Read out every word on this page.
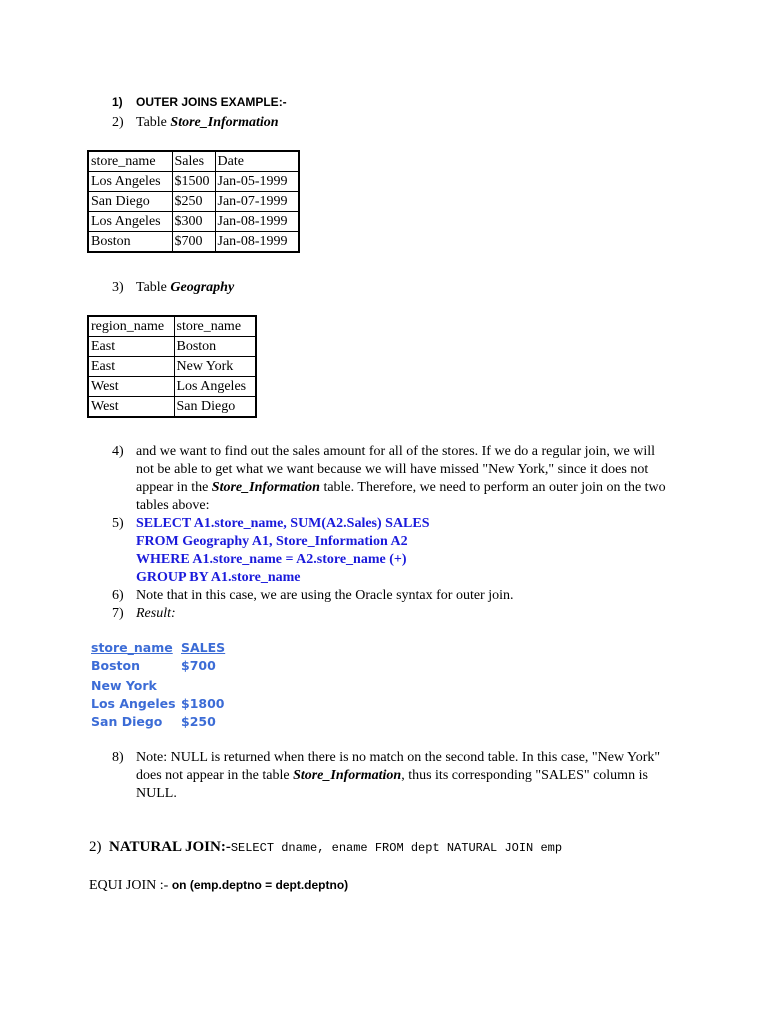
1) OUTER JOINS EXAMPLE:-
2) Table Store_Information
store_name	Sales	Date
Los Angeles	$1500	Jan-05-1999
San Diego	$250	Jan-07-1999
Los Angeles	$300	Jan-08-1999
Boston	$700	Jan-08-1999
3) Table Geography
region_name	store_name
East	Boston
East	New York
West	Los Angeles
West	San Diego
4) and we want to find out the sales amount for all of the stores. If we do a regular join, we will not be able to get what we want because we will have missed "New York," since it does not appear in the Store_Information table. Therefore, we need to perform an outer join on the two tables above:
5) SELECT A1.store_name, SUM(A2.Sales) SALES
FROM Geography A1, Store_Information A2
WHERE A1.store_name = A2.store_name (+)
GROUP BY A1.store_name
6) Note that in this case, we are using the Oracle syntax for outer join.
7) Result:
store_name SALES
Boston	$700
New York
Los Angeles $1800
San Diego $250
8) Note: NULL is returned when there is no match on the second table. In this case, "New York" does not appear in the table Store_Information, thus its corresponding "SALES" column is NULL.
2) NATURAL JOIN:-SELECT dname, ename FROM dept NATURAL JOIN emp
EQUI JOIN :- on (emp.deptno = dept.deptno)
